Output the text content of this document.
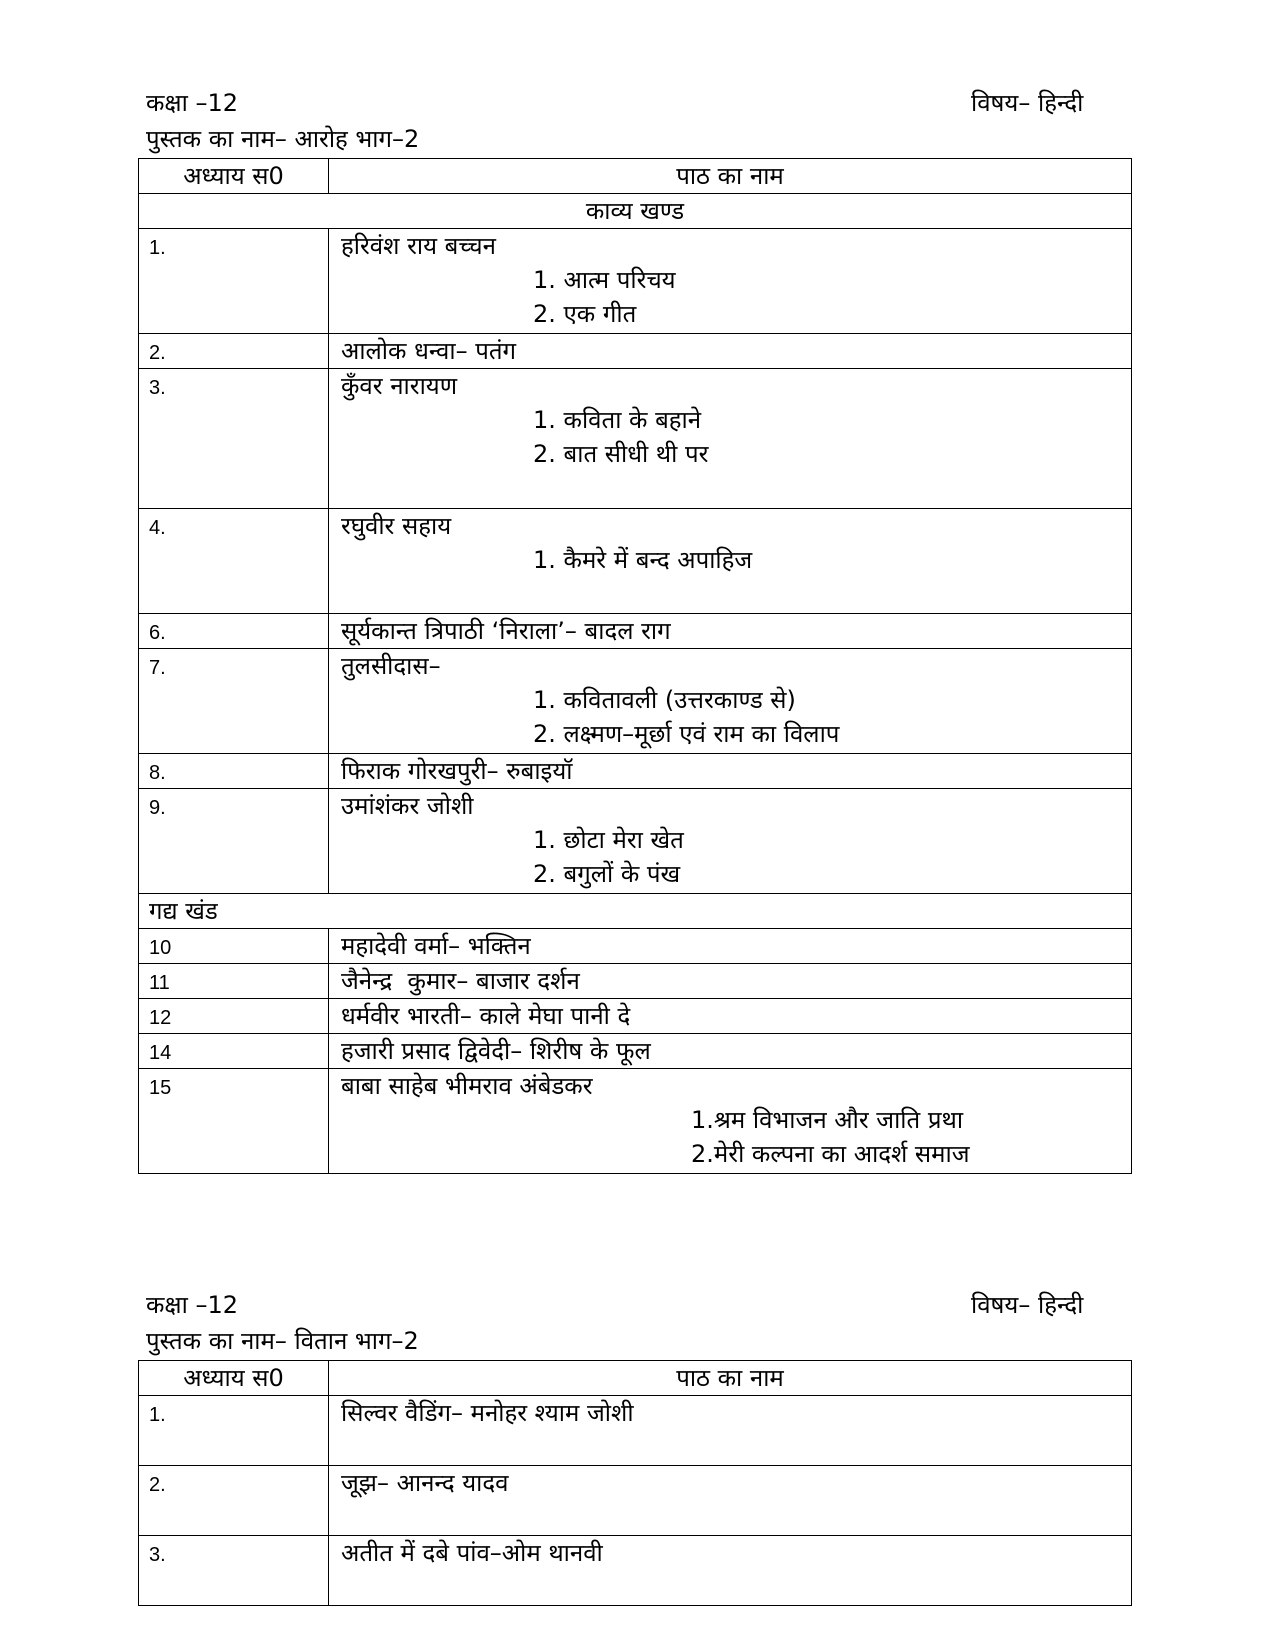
कक्षा –12	विषय– हिन्दी
पुस्तक का नाम– आरोह भाग–2
अध्याय स0	पाठ का नाम
काव्य खण्ड	
1.	हरिवंश राय बच्चन
1. आत्म परिचय
2. एक गीत

2.	आलोक धन्वा– पतंग

3.	कुँवर नारायण
1. कविता के बहाने
2. बात सीधी थी पर

4.	रघुवीर सहाय
1. कैमरे में बन्द अपाहिज

6.	सूर्यकान्त त्रिपाठी ‘निराला’– बादल राग

7.	तुलसीदास–
1. कवितावली (उत्तरकाण्ड से)
2. लक्ष्मण–मूर्छा एवं राम का विलाप

8.	फिराक गोरखपुरी– रुबाइयॉ

9.	उमांशंकर जोशी
1. छोटा मेरा खेत
2. बगुलों के पंख

गद्य खंड	
10	महादेवी वर्मा– भक्तिन

11	जैनेन्द्र  कुमार– बाजार दर्शन

12	धर्मवीर भारती– काले मेघा पानी दे

14	हजारी प्रसाद द्विवेदी– शिरीष के फूल

15	बाबा साहेब भीमराव अंबेडकर
1.श्रम विभाजन और जाति प्रथा
2.मेरी कल्पना का आदर्श समाज
कक्षा –12	विषय– हिन्दी
पुस्तक का नाम– वितान भाग–2
अध्याय स0	पाठ का नाम
1.	सिल्वर वैडिंग– मनोहर श्याम जोशी

2.	जूझ– आनन्द यादव

3.	अतीत में दबे पांव–ओम थानवी
